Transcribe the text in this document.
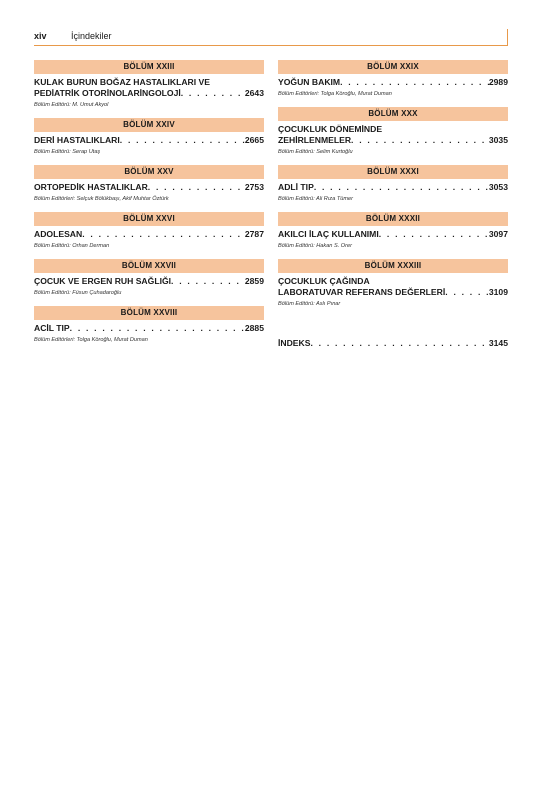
xiv	İçindekiler
BÖLÜM XXIII
KULAK BURUN BOĞAZ HASTALIKLARI VE
PEDİATRİK OTORİNOLARİNGOLOJİ . . .	2643
Bölüm Editörü: M. Umut Akyol
BÖLÜM XXIV
DERİ HASTALIKLARI . . .	2665
Bölüm Editörü: Serap Utaş
BÖLÜM XXV
ORTOPEDİK HASTALIKLAR . . .	2753
Bölüm Editörleri: Selçuk Bölükbaşı, Akif Muhtar Öztürk
BÖLÜM XXVI
ADOLESAN . . .	2787
Bölüm Editörü: Orhan Derman
BÖLÜM XXVII
ÇOCUK VE ERGEN RUH SAĞLIĞI . . .	2859
Bölüm Editörü: Füsun Çuhadaroğlu
BÖLÜM XXVIII
ACİL TIP . . .	2885
Bölüm Editörleri: Tolga Köroğlu, Murat Duman
BÖLÜM XXIX
YOĞUN BAKIM . . .	2989
Bölüm Editörleri: Tolga Köroğlu, Murat Duman
BÖLÜM XXX
ÇOCUKLUK DÖNEMİNDE
ZEHİRLENMELER . . .	3035
Bölüm Editörü: Selim Kurtoğlu
BÖLÜM XXXI
ADLİ TIP . . .	3053
Bölüm Editörü: Ali Rıza Tümer
BÖLÜM XXXII
AKILCI İLAÇ KULLANIMI . . .	3097
Bölüm Editörü: Hakan S. Orer
BÖLÜM XXXIII
ÇOCUKLUK ÇAĞINDA
LABORATUVAR REFERANS DEĞERLERİ . . .	3109
Bölüm Editörü: Aslı Pınar
İNDEKS . . .	3145
